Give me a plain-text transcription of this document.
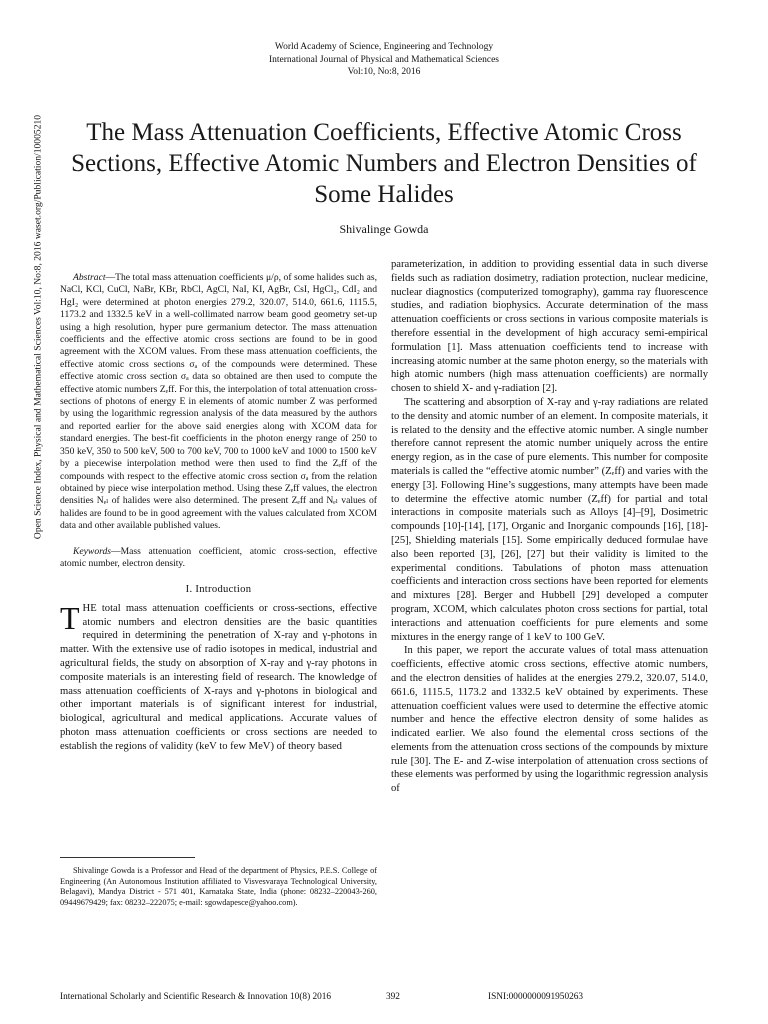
World Academy of Science, Engineering and Technology
International Journal of Physical and Mathematical Sciences
Vol:10, No:8, 2016
The Mass Attenuation Coefficients, Effective Atomic Cross Sections, Effective Atomic Numbers and Electron Densities of Some Halides
Shivalinge Gowda
Open Science Index, Physical and Mathematical Sciences Vol:10, No:8, 2016 waset.org/Publication/10005210	Abstract—The total mass attenuation coefficients μ/ρ, of some halides such as, NaCl, KCl, CuCl, NaBr, KBr, RbCl, AgCl, NaI, KI, AgBr, CsI, HgCl₂, CdI₂ and HgI₂ were determined at photon energies 279.2, 320.07, 514.0, 661.6, 1115.5, 1173.2 and 1332.5 keV in a well-collimated narrow beam good geometry set-up using a high resolution, hyper pure germanium detector. The mass attenuation coefficients and the effective atomic cross sections are found to be in good agreement with the XCOM values. From these mass attenuation coefficients, the effective atomic cross sections σₐ of the compounds were determined. These effective atomic cross section σₐ data so obtained are then used to compute the effective atomic numbers Zₑff. For this, the interpolation of total attenuation cross-sections of photons of energy E in elements of atomic number Z was performed by using the logarithmic regression analysis of the data measured by the authors and reported earlier for the above said energies along with XCOM data for standard energies. The best-fit coefficients in the photon energy range of 250 to 350 keV, 350 to 500 keV, 500 to 700 keV, 700 to 1000 keV and 1000 to 1500 keV by a piecewise interpolation method were then used to find the Zₑff of the compounds with respect to the effective atomic cross section σₐ from the relation obtained by piece wise interpolation method. Using these Zₑff values, the electron densities Nₑₗ of halides were also determined. The present Zₑff and Nₑₗ values of halides are found to be in good agreement with the values calculated from XCOM data and other available published values.

Keywords—Mass attenuation coefficient, atomic cross-section, effective atomic number, electron density.

I. Introduction

THE total mass attenuation coefficients or cross-sections, effective atomic numbers and electron densities are the basic quantities required in determining the penetration of X-ray and γ-photons in matter. With the extensive use of radio isotopes in medical, industrial and agricultural fields, the study on absorption of X-ray and γ-ray photons in composite materials is an interesting field of research. The knowledge of mass attenuation coefficients of X-rays and γ-photons in biological and other important materials is of significant interest for industrial, biological, agricultural and medical applications. Accurate values of photon mass attenuation coefficients or cross sections are needed to establish the regions of validity (keV to few MeV) of theory based

Shivalinge Gowda is a Professor and Head of the department of Physics, P.E.S. College of Engineering (An Autonomous Institution affiliated to Visvesvaraya Technological University, Belagavi), Mandya District - 571 401, Karnataka State, India (phone: 08232–220043-260, 09449679429; fax: 08232–222075; e-mail: sgowdapesce@yahoo.com).

parameterization, in addition to providing essential data in such diverse fields such as radiation dosimetry, radiation protection, nuclear medicine, nuclear diagnostics (computerized tomography), gamma ray fluorescence studies, and radiation biophysics. Accurate determination of the mass attenuation coefficients or cross sections in various composite materials is therefore essential in the development of high accuracy semi-empirical formulation [1]. Mass attenuation coefficients tend to increase with increasing atomic number at the same photon energy, so the materials with high atomic numbers (high mass attenuation coefficients) are normally chosen to shield X- and γ-radiation [2].

The scattering and absorption of X-ray and γ-ray radiations are related to the density and atomic number of an element. In composite materials, it is related to the density and the effective atomic number. A single number therefore cannot represent the atomic number uniquely across the entire energy region, as in the case of pure elements. This number for composite materials is called the “effective atomic number” (Zₑff) and varies with the energy [3]. Following Hine’s suggestions, many attempts have been made to determine the effective atomic number (Zₑff) for partial and total interactions in composite materials such as Alloys [4]–[9], Dosimetric compounds [10]-[14], [17], Organic and Inorganic compounds [16], [18]-[25], Shielding materials [15]. Some empirically deduced formulae have also been reported [3], [26], [27] but their validity is limited to the experimental conditions. Tabulations of photon mass attenuation coefficients and interaction cross sections have been reported for elements and mixtures [28]. Berger and Hubbell [29] developed a computer program, XCOM, which calculates photon cross sections for partial, total interactions and attenuation coefficients for pure elements and some mixtures in the energy range of 1 keV to 100 GeV.

In this paper, we report the accurate values of total mass attenuation coefficients, effective atomic cross sections, effective atomic numbers, and the electron densities of halides at the energies 279.2, 320.07, 514.0, 661.6, 1115.5, 1173.2 and 1332.5 keV obtained by experiments. These attenuation coefficient values were used to determine the effective atomic number and hence the effective electron density of some halides as indicated earlier. We also found the elemental cross sections of the elements from the attenuation cross sections of the compounds by mixture rule [30]. The E- and Z-wise interpolation of attenuation cross sections of these elements was performed by using the logarithmic regression analysis of

International Scholarly and Scientific Research & Innovation 10(8) 2016	392	ISNI:0000000091950263
